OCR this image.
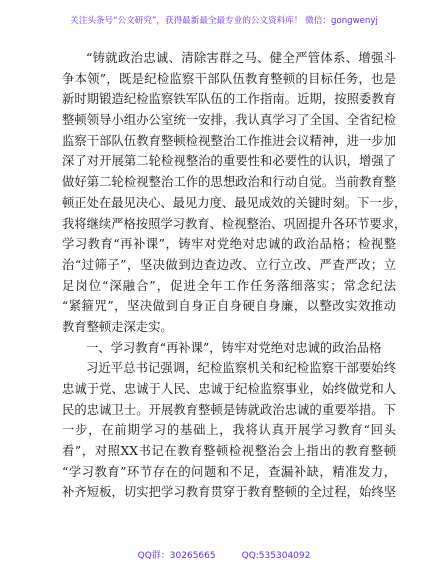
关注头条号“公文研究”，获得最新最全最专业的公文资料库！ 微信：gongwenyj
“铸就政治忠诚、清除害群之马、健全严管体系、增强斗
争本领”，既是纪检监察干部队伍教育整顿的目标任务，也是
新时期锻造纪检监察铁军队伍的工作指南。近期，按照委教育
整顿领导小组办公室统一安排，我认真学习了全国、全省纪检
监察干部队伍教育整顿检视整治工作推进会议精神，进一步加
深了对开展第二轮检视整治的重要性和必要性的认识，增强了
做好第二轮检视整治工作的思想政治和行动自觉。当前教育整
顿正处在最见决心、最见力度、最见成效的关键时刻。下一步，
我将继续严格按照学习教育、检视整治、巩固提升各环节要求，
学习教育“再补课”，铸牢对党绝对忠诚的政治品格；检视整
治“过筛子”，坚决做到边查边改、立行立改、严查严改；立
足岗位“深融合”，促进全年工作任务落细落实；常念纪法
“紧箍咒”，坚决做到自身正自身硬自身廉，以整改实效推动
教育整顿走深走实。
一、学习教育“再补课”，铸牢对党绝对忠诚的政治品格
习近平总书记强调，纪检监察机关和纪检监察干部要始终
忠诚于党、忠诚于人民、忠诚于纪检监察事业，始终做党和人
民的忠诚卫士。开展教育整顿是铸就政治忠诚的重要举措。下
一步，在前期学习的基础上，我将认真开展学习教育“回头
看”，对照XX书记在教育整顿检视整治会上指出的教育整顿
“学习教育”环节存在的问题和不足，查漏补缺，精准发力，
补齐短板，切实把学习教育贯穿于教育整顿的全过程，始终坚
QQ群：30265665	QQ:535304092
